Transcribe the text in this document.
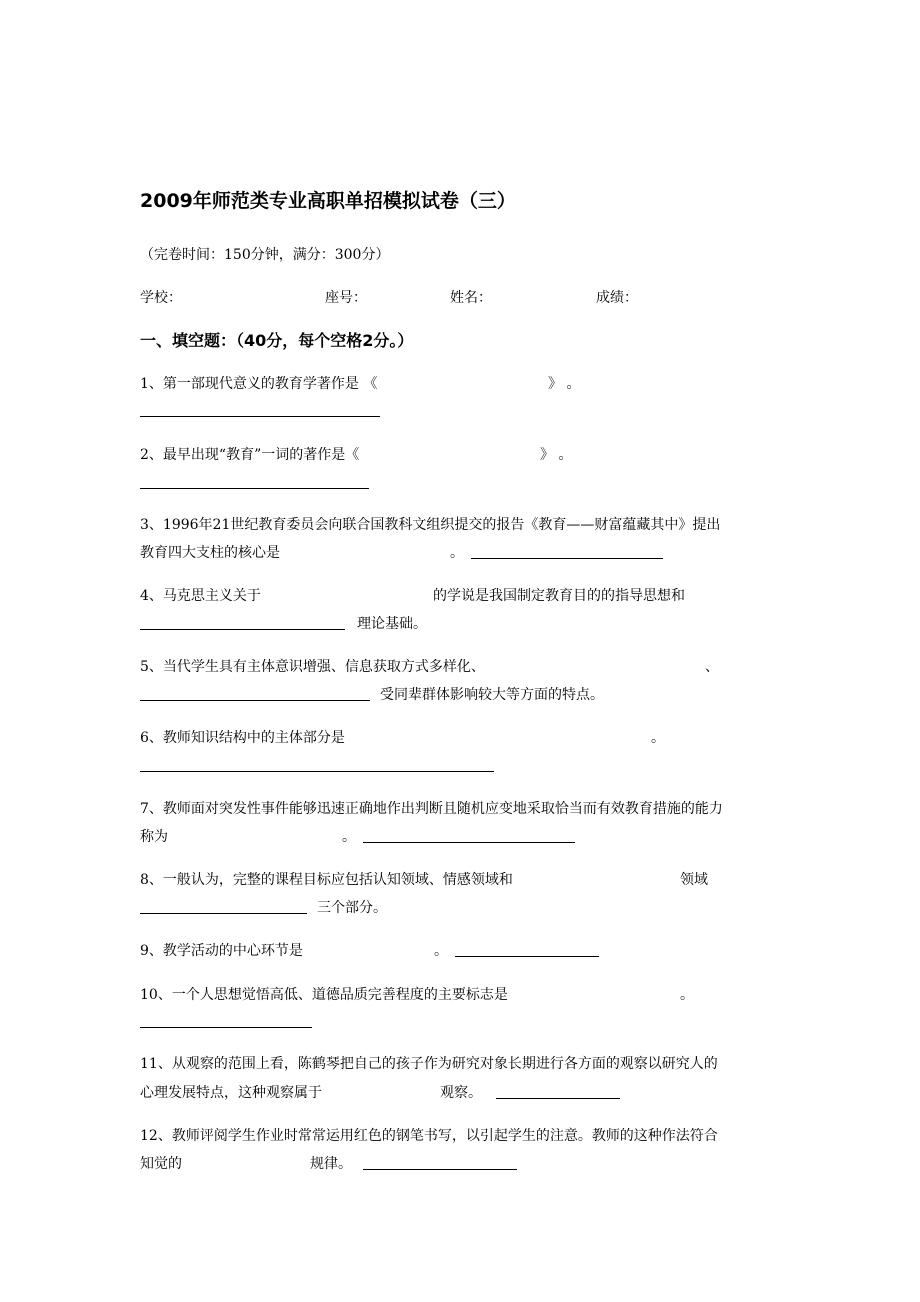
2009年师范类专业高职单招模拟试卷（三）
（完卷时间：150分钟，满分：300分）
学校：	座号：	姓名：	成绩：
一、填空题：（40分，每个空格2分。）
1、第一部现代意义的教育学著作是 《	》 。
2、最早出现“教育”一词的著作是《	》 。
3、1996年21世纪教育委员会向联合国教科文组织提交的报告《教育——财富蕴藏其中》提出
教育四大支柱的核心是	。
4、马克思主义关于	的学说是我国制定教育目的的指导思想和
理论基础。
5、当代学生具有主体意识增强、信息获取方式多样化、	、
受同辈群体影响较大等方面的特点。
6、教师知识结构中的主体部分是	。
7、教师面对突发性事件能够迅速正确地作出判断且随机应变地采取恰当而有效教育措施的能力
称为	。
8、一般认为，完整的课程目标应包括认知领域、情感领域和	领域
三个部分。
9、教学活动的中心环节是	。
10、一个人思想觉悟高低、道德品质完善程度的主要标志是	。
11、从观察的范围上看，陈鹤琴把自己的孩子作为研究对象长期进行各方面的观察以研究人的
心理发展特点，这种观察属于	观察。
12、教师评阅学生作业时常常运用红色的钢笔书写，以引起学生的注意。教师的这种作法符合
知觉的	规律。
